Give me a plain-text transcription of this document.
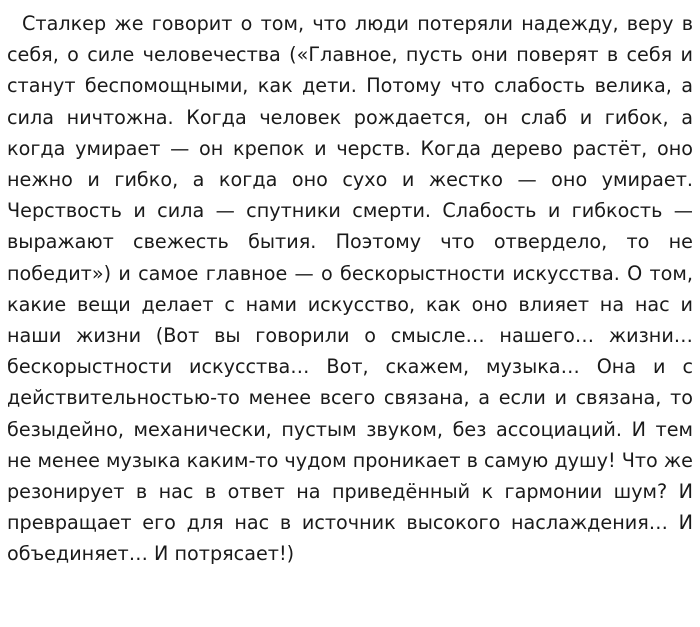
Сталкер же говорит о том, что люди потеряли надежду, веру в себя, о силе человечества («Главное, пусть они поверят в себя и станут беспомощными, как дети. Потому что слабость велика, а сила ничтожна. Когда человек рождается, он слаб и гибок, а когда умирает — он крепок и черств. Когда дерево растёт, оно нежно и гибко, а когда оно сухо и жестко — оно умирает. Черствость и сила — спутники смерти. Слабость и гибкость — выражают свежесть бытия. Поэтому что отвердело, то не победит») и самое главное — о бескорыстности искусства. О том, какие вещи делает с нами искусство, как оно влияет на нас и наши жизни (Вот вы говорили о смысле… нашего… жизни… бескорыстности искусства… Вот, скажем, музыка… Она и с действительностью-то менее всего связана, а если и связана, то безыдейно, механически, пустым звуком, без ассоциаций. И тем не менее музыка каким-то чудом проникает в самую душу! Что же резонирует в нас в ответ на приведённый к гармонии шум? И превращает его для нас в источник высокого наслаждения… И объединяет… И потрясает!)
